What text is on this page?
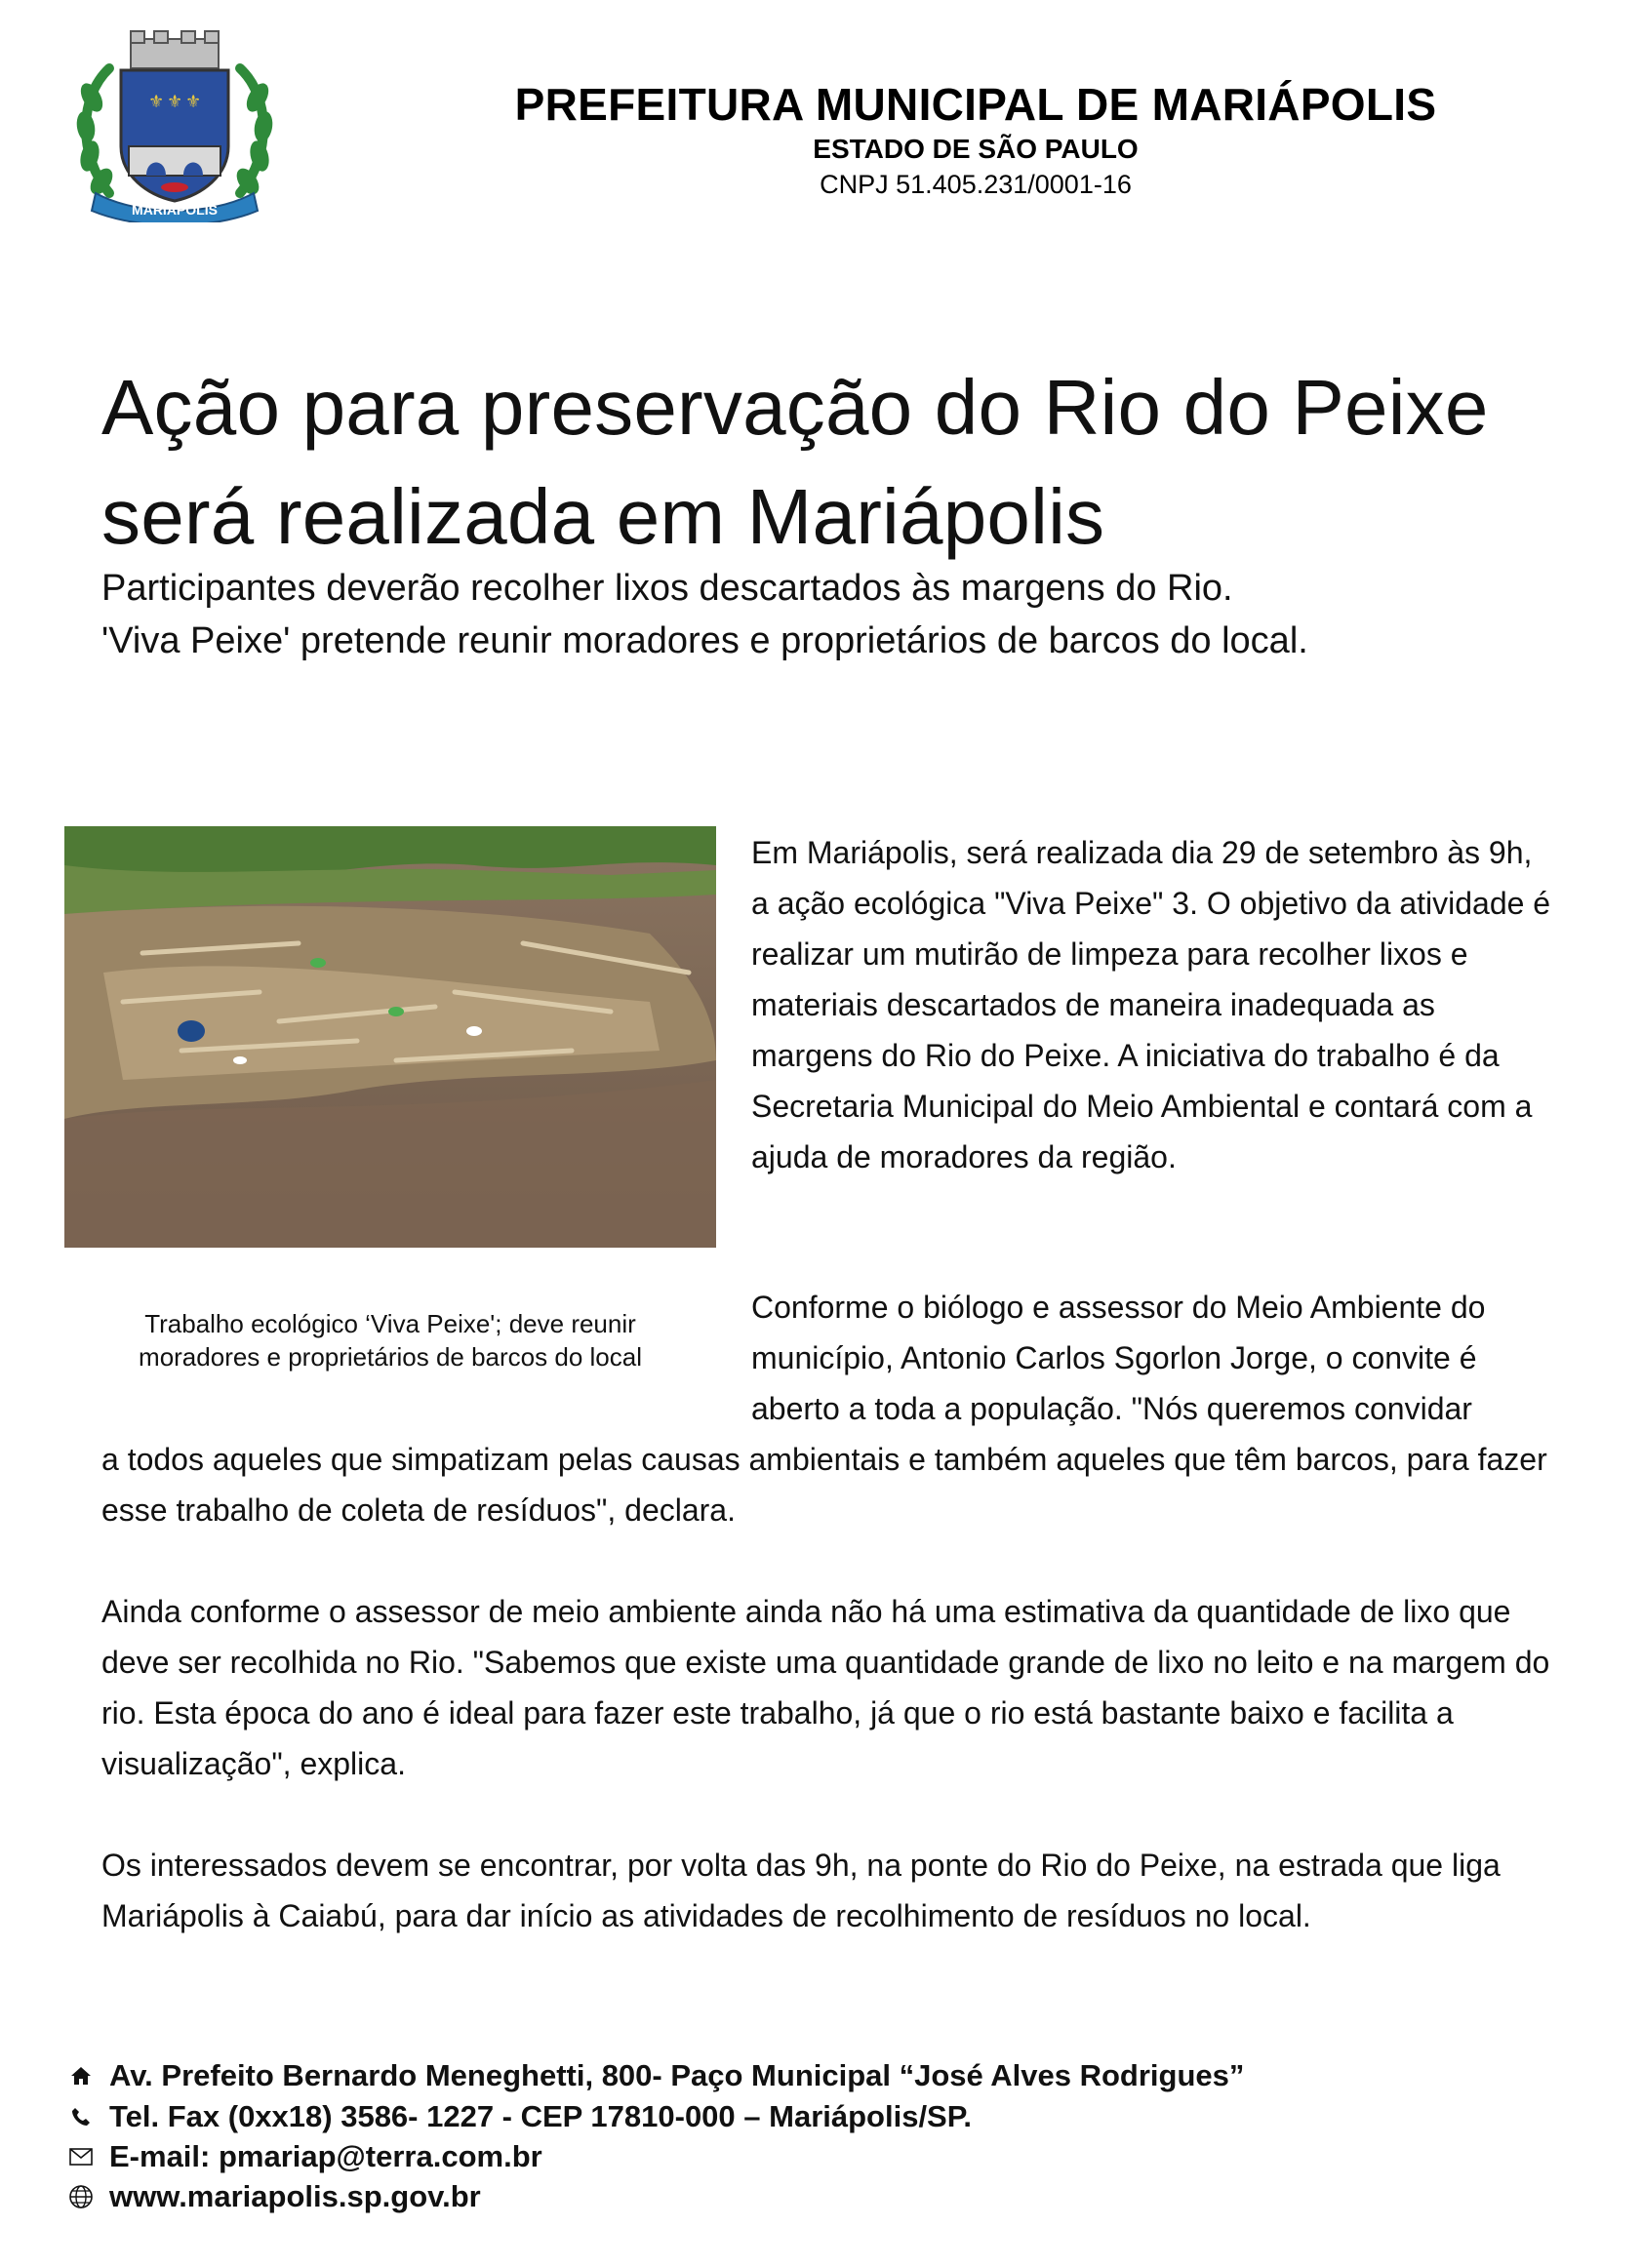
⚜ ⚜ ⚜
MARIÁPOLIS
PREFEITURA MUNICIPAL DE MARIÁPOLIS
ESTADO DE SÃO PAULO
CNPJ 51.405.231/0001-16
Ação para preservação do Rio do Peixe será realizada em Mariápolis
Participantes deverão recolher lixos descartados às margens do Rio.
'Viva Peixe' pretende reunir moradores e proprietários de barcos do local.
Trabalho ecológico ‘Viva Peixe'; deve reunir moradores e proprietários de barcos do local
Em Mariápolis, será realizada dia 29 de setembro às 9h, a ação ecológica "Viva Peixe" 3. O objetivo da atividade é realizar um mutirão de limpeza para recolher lixos e materiais descartados de maneira inadequada as margens do Rio do Peixe. A iniciativa do trabalho é da Secretaria Municipal do Meio Ambiental e contará com a ajuda de moradores da região.
Conforme o biólogo e assessor do Meio Ambiente do município, Antonio Carlos Sgorlon Jorge, o convite é aberto a toda a população. "Nós queremos convidar
a todos aqueles que simpatizam pelas causas ambientais e também aqueles que têm barcos, para fazer esse trabalho de coleta de resíduos", declara.
Ainda conforme o assessor de meio ambiente ainda não há uma estimativa da quantidade de lixo que deve ser recolhida no Rio. "Sabemos que existe uma quantidade grande de lixo no leito e na margem do rio. Esta época do ano é ideal para fazer este trabalho, já que o rio está bastante baixo e facilita a visualização", explica.
Os interessados devem se encontrar, por volta das 9h, na ponte do Rio do Peixe, na estrada que liga Mariápolis à Caiabú, para dar início as atividades de recolhimento de resíduos no local.
Av. Prefeito Bernardo Meneghetti, 800- Paço Municipal “José Alves Rodrigues”
Tel. Fax (0xx18) 3586- 1227 - CEP 17810-000 – Mariápolis/SP.
E-mail: pmariap@terra.com.br
www.mariapolis.sp.gov.br
